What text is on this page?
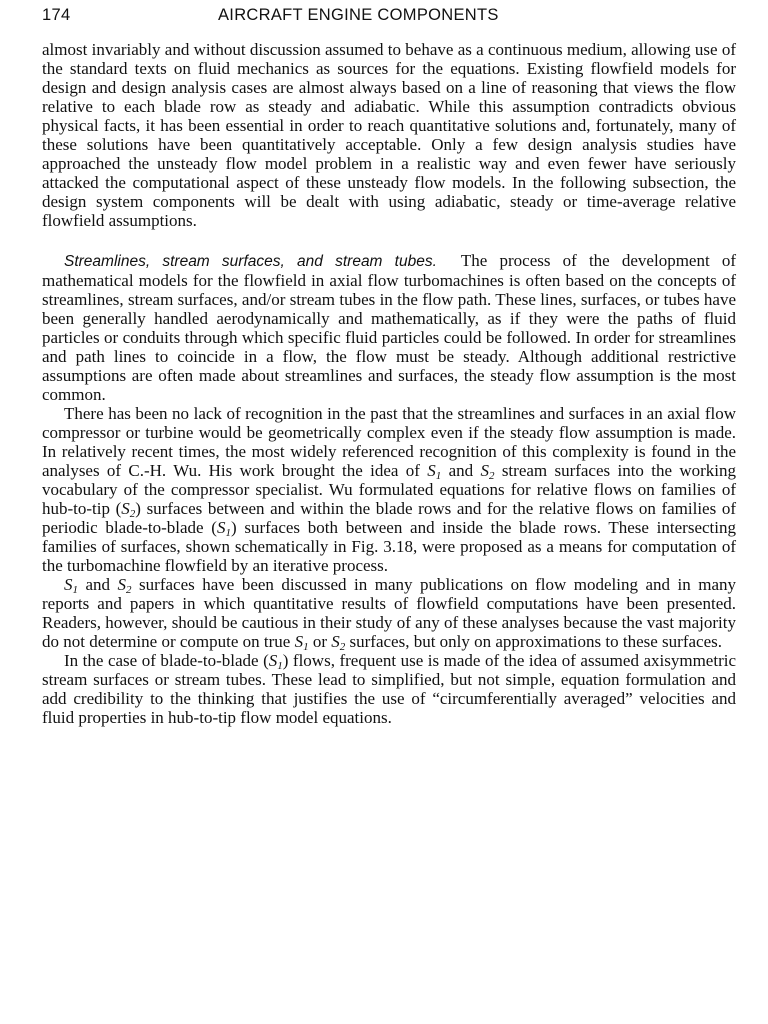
174	AIRCRAFT ENGINE COMPONENTS

almost invariably and without discussion assumed to behave as a continuous medium, allowing use of the standard texts on fluid mechanics as sources for the equations. Existing flowfield models for design and design analysis cases are almost always based on a line of reasoning that views the flow relative to each blade row as steady and adiabatic. While this assumption contradicts obvious physical facts, it has been essential in order to reach quantitative solutions and, fortunately, many of these solutions have been quantitatively acceptable. Only a few design analysis studies have approached the unsteady flow model problem in a realistic way and even fewer have seriously attacked the computational aspect of these unsteady flow models. In the following subsection, the design system components will be dealt with using adiabatic, steady or time-average relative flowfield assumptions.

Streamlines, stream surfaces, and stream tubes. The process of the development of mathematical models for the flowfield in axial flow turbomachines is often based on the concepts of streamlines, stream surfaces, and/or stream tubes in the flow path. These lines, surfaces, or tubes have been generally handled aerodynamically and mathematically, as if they were the paths of fluid particles or conduits through which specific fluid particles could be followed. In order for streamlines and path lines to coincide in a flow, the flow must be steady. Although additional restrictive assumptions are often made about streamlines and surfaces, the steady flow assumption is the most common.

There has been no lack of recognition in the past that the streamlines and surfaces in an axial flow compressor or turbine would be geometrically complex even if the steady flow assumption is made. In relatively recent times, the most widely referenced recognition of this complexity is found in the analyses of C.-H. Wu. His work brought the idea of $S_1$ and $S_2$ stream surfaces into the working vocabulary of the compressor specialist. Wu formulated equations for relative flows on families of hub-to-tip $(S_2)$ surfaces between and within the blade rows and for the relative flows on families of periodic blade-to-blade $(S_1)$ surfaces both between and inside the blade rows. These intersecting families of surfaces, shown schematically in Fig. 3.18, were proposed as a means for computation of the turbomachine flowfield by an iterative process.

$S_1$ and $S_2$ surfaces have been discussed in many publications on flow modeling and in many reports and papers in which quantitative results of flowfield computations have been presented. Readers, however, should be cautious in their study of any of these analyses because the vast majority do not determine or compute on true $S_1$ or $S_2$ surfaces, but only on approximations to these surfaces.

In the case of blade-to-blade $(S_1)$ flows, frequent use is made of the idea of assumed axisymmetric stream surfaces or stream tubes. These lead to simplified, but not simple, equation formulation and add credibility to the thinking that justifies the use of “circumferentially averaged” velocities and fluid properties in hub-to-tip flow model equations.
